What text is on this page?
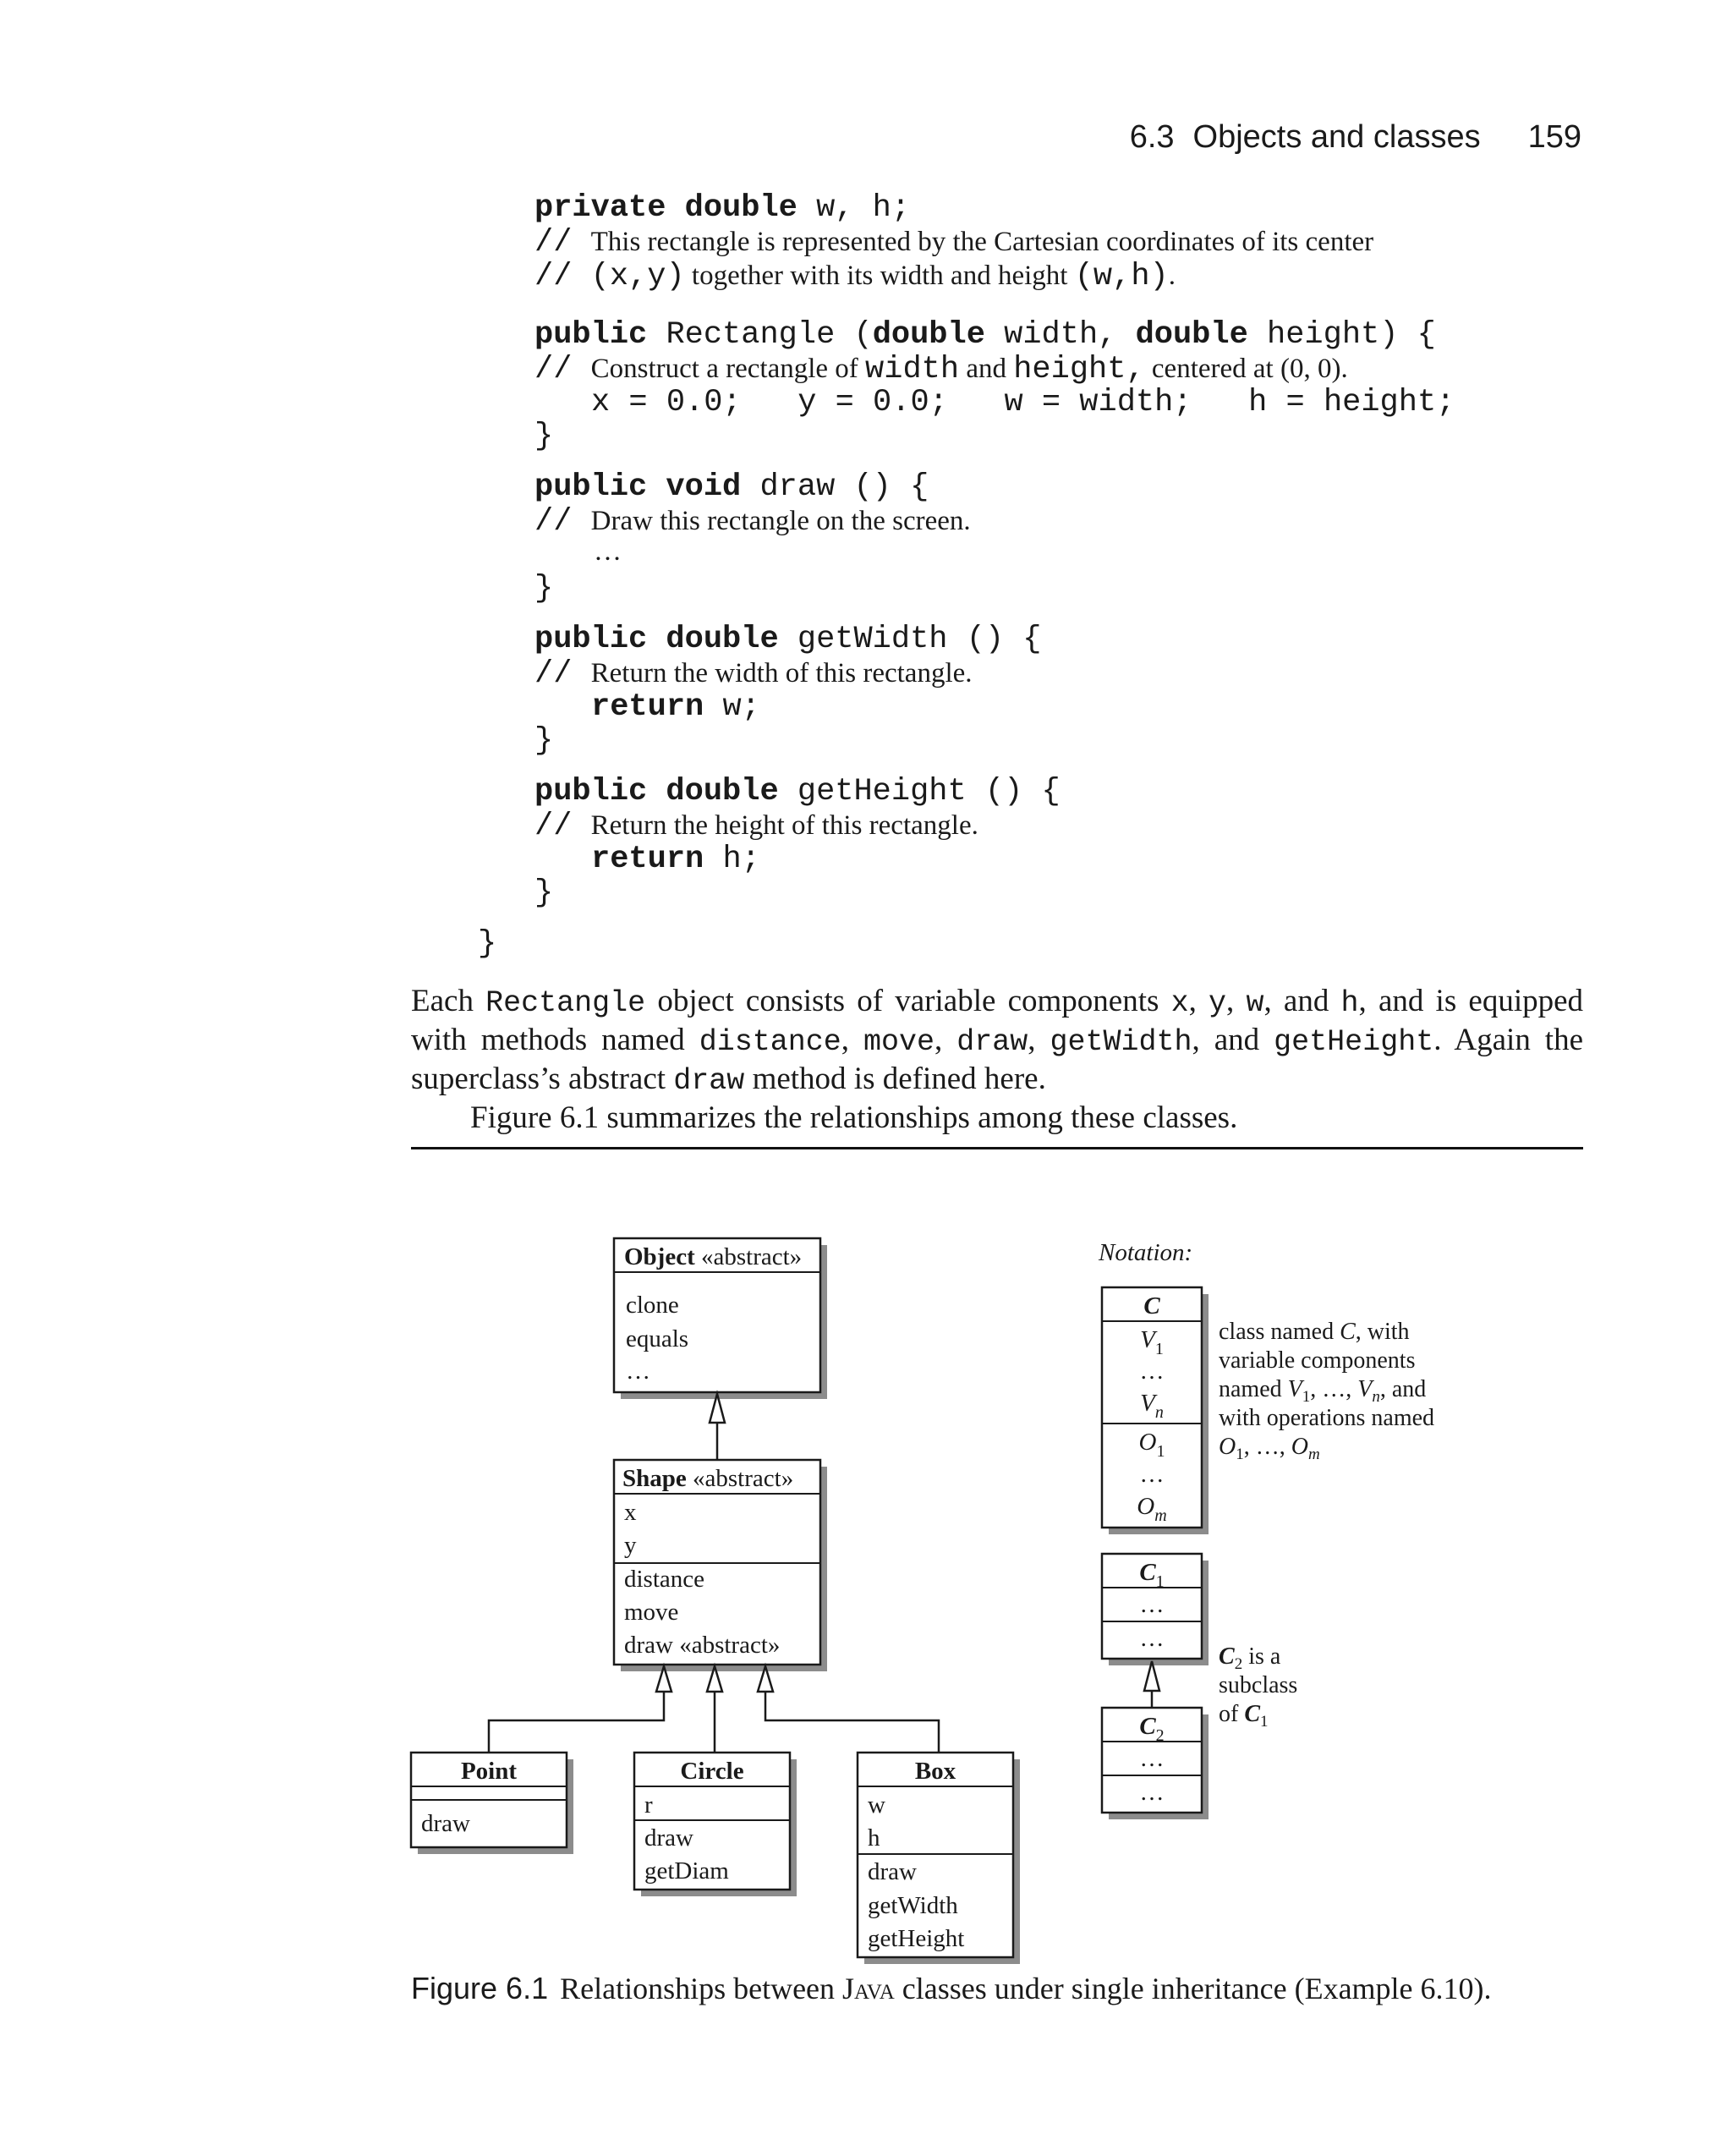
6.3 Objects and classes 159
private double w, h;
// This rectangle is represented by the Cartesian coordinates of its center
// (x,y) together with its width and height (w,h).
public Rectangle (double width, double height) {
// Construct a rectangle of width and height, centered at (0, 0).
x = 0.0;   y = 0.0;   w = width;   h = height;
}
public void draw () {
// Draw this rectangle on the screen.
…
}
public double getWidth () {
// Return the width of this rectangle.
return w;
}
public double getHeight () {
// Return the height of this rectangle.
return h;
}
}

Each Rectangle object consists of variable components x, y, w, and h, and is equipped with methods named distance, move, draw, getWidth, and getHeight. Again the superclass’s abstract draw method is defined here.

Figure 6.1 summarizes the relationships among these classes.

Object «abstract»
clone
equals
…
Shape «abstract»
x
y
distance
move
draw «abstract»
Point
draw
Circle
r
draw
getDiam
Box
w
h
draw
getWidth
getHeight
Notation:
C
$V_1$
…
$V_n$
$O_1$
…
$O_m$
class named C, with
variable components
named $V_1$, …, $V_n$, and
with operations named
$O_1$, …, $O_m$
$C_1$
…
…
$C_2$
…
…
$C_2$ is a
subclass
of $C_1$
Figure 6.1 Relationships between Java classes under single inheritance (Example 6.10).
